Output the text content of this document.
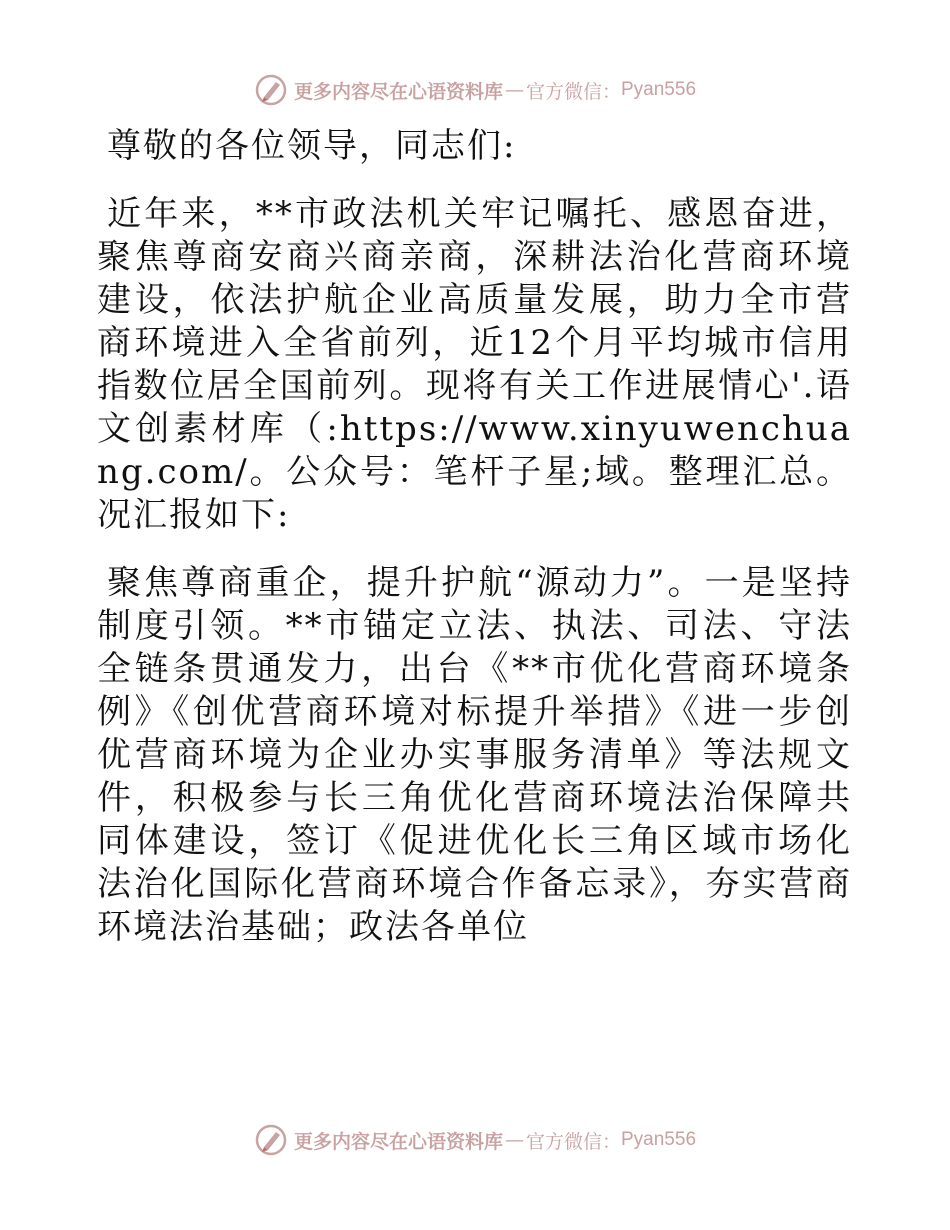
更多内容尽在心语资料库 — 官方微信： Pyan556

尊敬的各位领导，同志们:

近年来，**市政法机关牢记嘱托、感恩奋进，聚焦尊商安商兴商亲商，深耕法治化营商环境建设，依法护航企业高质量发展，助力全市营商环境进入全省前列，近12个月平均城市信用指数位居全国前列。现将有关工作进展情心'.语文创素材库（:https://www.xinyuwenchuang.com/。公众号：笔杆子星;域。整理汇总。况汇报如下:

聚焦尊商重企，提升护航“源动力”。一是坚持制度引领。**市锚定立法、执法、司法、守法全链条贯通发力，出台《**市优化营商环境条例》《创优营商环境对标提升举措》《进一步创优营商环境为企业办实事服务清单》等法规文件，积极参与长三角优化营商环境法治保障共同体建设，签订《促进优化长三角区域市场化法治化国际化营商环境合作备忘录》，夯实营商环境法治基础；政法各单位

更多内容尽在心语资料库 — 官方微信： Pyan556
